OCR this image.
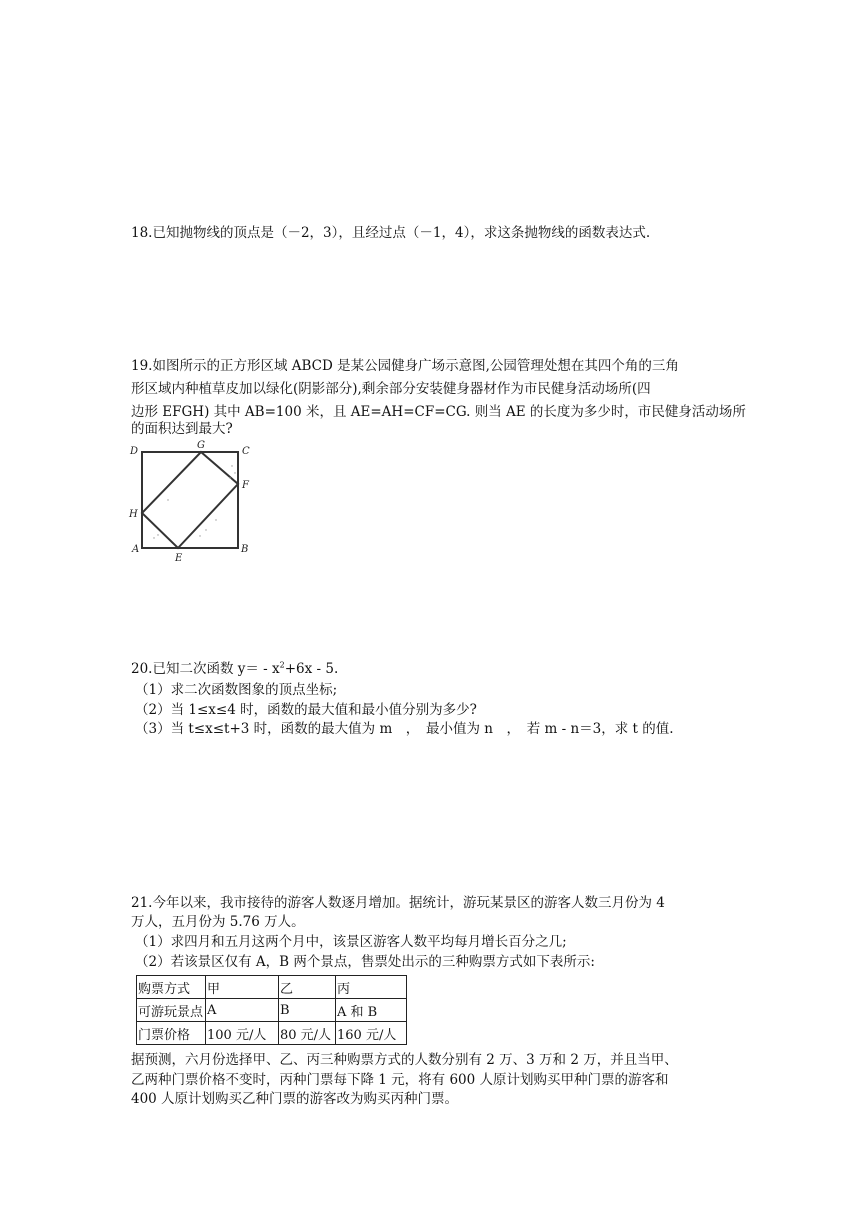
18.已知抛物线的顶点是（－2，3），且经过点（－1，4），求这条抛物线的函数表达式.
19.如图所示的正方形区域 ABCD 是某公园健身广场示意图,公园管理处想在其四个角的三角
形区域内种植草皮加以绿化(阴影部分),剩余部分安装健身器材作为市民健身活动场所(四
边形 EFGH) 其中 AB=100 米，且 AE=AH=CF=CG. 则当 AE 的长度为多少时，市民健身活动场所
的面积达到最大?
D	C
G
F
H
A	B
E
20.已知二次函数 $y= - x^2+6x - 5$.
（1）求二次函数图象的顶点坐标;
（2）当 1≤x≤4 时，函数的最大值和最小值分别为多少?
（3）当 t≤x≤t+3 时，函数的最大值为 m　，　最小值为 n　，　若 m - n＝3，求 t 的值.
21.今年以来，我市接待的游客人数逐月增加。据统计，游玩某景区的游客人数三月份为 4
万人，五月份为 5.76 万人。
（1）求四月和五月这两个月中，该景区游客人数平均每月增长百分之几;
（2）若该景区仅有 A，B 两个景点，售票处出示的三种购票方式如下表所示:
购票方式	甲	乙	丙
可游玩景点	A	B	A 和 B
门票价格	100 元/人	80 元/人	160 元/人
据预测，六月份选择甲、乙、丙三种购票方式的人数分别有 2 万、3 万和 2 万，并且当甲、
乙两种门票价格不变时，丙种门票每下降 1 元，将有 600 人原计划购买甲种门票的游客和
400 人原计划购买乙种门票的游客改为购买丙种门票。
